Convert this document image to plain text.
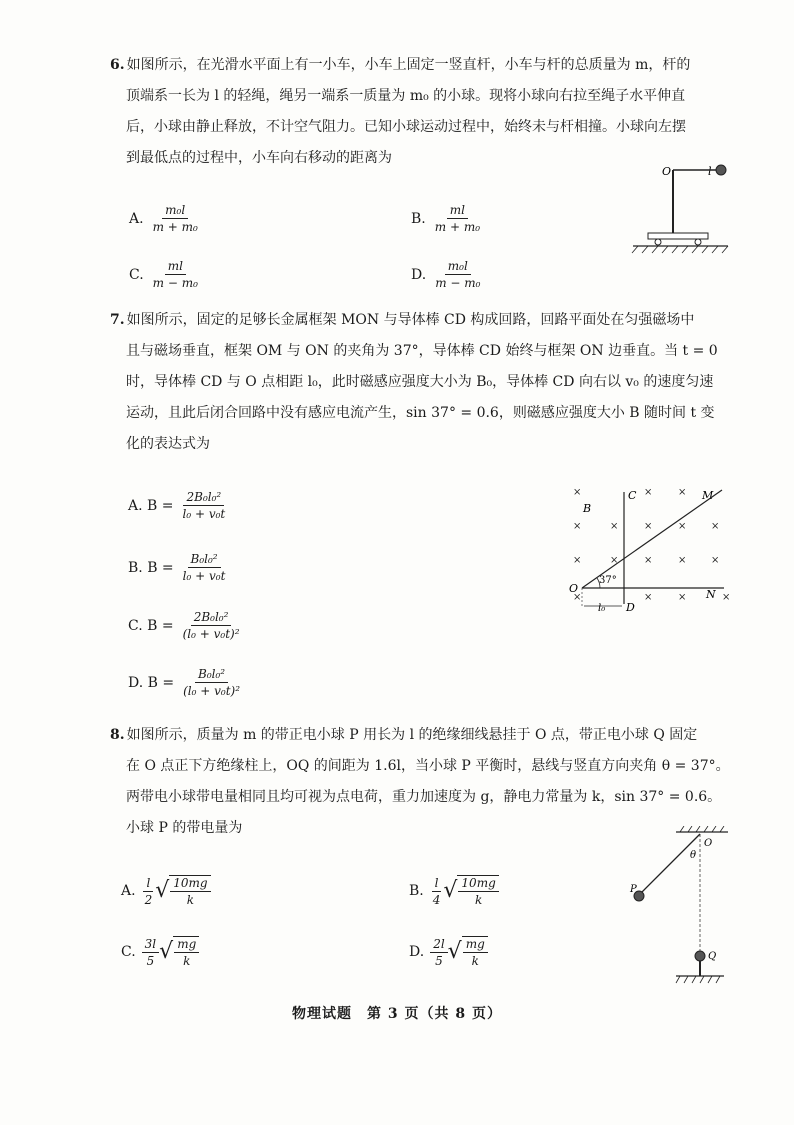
6. 如图所示，在光滑水平面上有一小车，小车上固定一竖直杆，小车与杆的总质量为 m，杆的
顶端系一长为 l 的轻绳，绳另一端系一质量为 m₀ 的小球。现将小球向右拉至绳子水平伸直
后，小球由静止释放，不计空气阻力。已知小球运动过程中，始终未与杆相撞。小球向左摆
到最低点的过程中，小车向右移动的距离为
A. $\frac{\text{m₀l}}{\text{m + m₀}}$	B. $\frac{ml}{\text{m + m₀}}$
C. $\frac{ml}{\text{m − m₀}}$	D. $\frac{\text{m₀l}}{\text{m − m₀}}$
O	l
7. 如图所示，固定的足够长金属框架 MON 与导体棒 CD 构成回路，回路平面处在匀强磁场中
且与磁场垂直，框架 OM 与 ON 的夹角为 37°，导体棒 CD 始终与框架 ON 边垂直。当 t = 0
时，导体棒 CD 与 O 点相距 l₀，此时磁感应强度大小为 B₀，导体棒 CD 向右以 v₀ 的速度匀速
运动，且此后闭合回路中没有感应电流产生，sin 37° = 0.6，则磁感应强度大小 B 随时间 t 变
化的表达式为
A. $B = \frac{\text{2B₀l₀²}}{\text{l₀ + v₀t}}$
B. $B = \frac{\text{B₀l₀²}}{\text{l₀ + v₀t}}$
C. $B = \frac{\text{2B₀l₀²}}{\text{(l₀ + v₀t)²}}$
D. $B = \frac{\text{B₀l₀²}}{\text{(l₀ + v₀t)²}}$
×	×	×
×	×	×	× ×
×	×	×	× ×
×	×	×	×
B
C	M
O	N
D
37°
l₀
8. 如图所示，质量为 m 的带正电小球 P 用长为 l 的绝缘细线悬挂于 O 点，带正电小球 Q 固定
在 O 点正下方绝缘柱上，OQ 的间距为 1.6l，当小球 P 平衡时，悬线与竖直方向夹角 θ = 37°。
两带电小球带电量相同且均可视为点电荷，重力加速度为 g，静电力常量为 k，sin 37° = 0.6。
小球 P 的带电量为
A. $\frac{l}{2}$ √ $\frac{10mg}{k}$	B. $\frac{l}{4}$ √ $\frac{10mg}{k}$
C. $\frac{3l}{5}$ √ $\frac{mg}{k}$	D. $\frac{2l}{5}$ √ $\frac{mg}{k}$
O
θ
P
Q
物理试题　第 3 页（共 8 页）
